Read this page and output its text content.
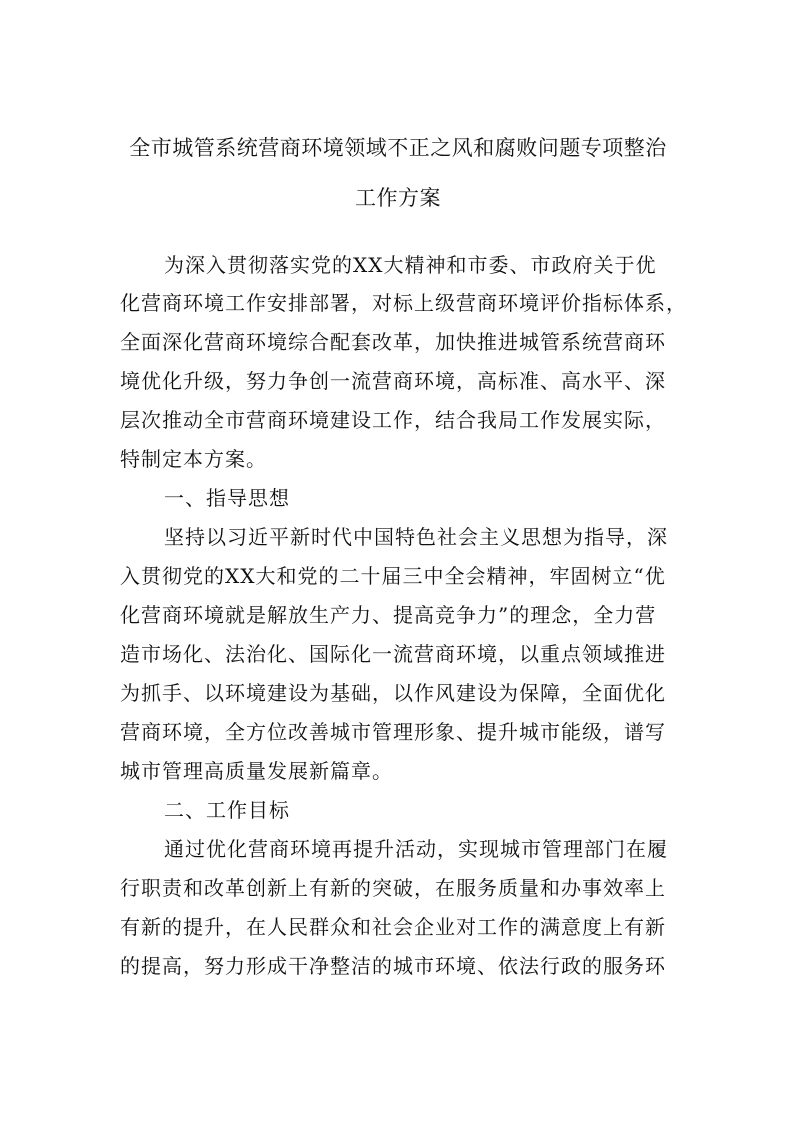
全市城管系统营商环境领域不正之风和腐败问题专项整治
工作方案

为深入贯彻落实党的XX大精神和市委、市政府关于优

化营商环境工作安排部署，对标上级营商环境评价指标体系，

全面深化营商环境综合配套改革，加快推进城管系统营商环

境优化升级，努力争创一流营商环境，高标准、高水平、深

层次推动全市营商环境建设工作，结合我局工作发展实际，

特制定本方案。

一、指导思想

坚持以习近平新时代中国特色社会主义思想为指导，深

入贯彻党的XX大和党的二十届三中全会精神，牢固树立“优

化营商环境就是解放生产力、提高竞争力”的理念，全力营

造市场化、法治化、国际化一流营商环境，以重点领域推进

为抓手、以环境建设为基础，以作风建设为保障，全面优化

营商环境，全方位改善城市管理形象、提升城市能级，谱写

城市管理高质量发展新篇章。

二、工作目标

通过优化营商环境再提升活动，实现城市管理部门在履

行职责和改革创新上有新的突破，在服务质量和办事效率上

有新的提升，在人民群众和社会企业对工作的满意度上有新

的提高，努力形成干净整洁的城市环境、依法行政的服务环
